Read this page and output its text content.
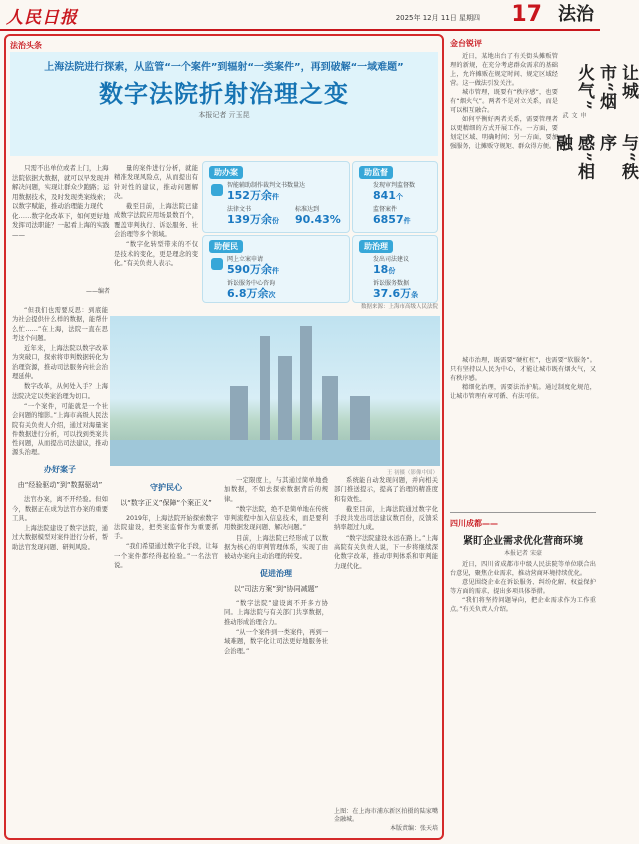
人民日报	2025年 12月 11日 星期四 17 法治
法治头条
上海法院进行探索，从监管“一个案件”到辐射“一类案件”，再到破解“一域难题”
数字法院折射治理之变
本报记者 亓玉昆
只需不出单位或者上门，上海法院依据大数据，就可以早发现并解决问题，实现让群众少跑路；运用数据技术，及时发现类案线索；以数字赋能，推动治理能力现代化……数字化改革下，如何更好地发挥司法职能？一起看上海的实践——
——编者

“但我们也需要反思：到底能为社会提供什么样的数据，能帮什么忙……”在上海，法院一直在思考这个问题。

近年来，上海法院以数字改革为突破口，探索将审判数据转化为治理资源，推动司法服务向社会治理延伸。

数字改革，从何处入手？上海法院决定以类案治理为切口。

“一个案件，可能就是一个社会问题的缩影。”上海市高级人民法院有关负责人介绍，通过对海量案件数据进行分析，可以找到类案共性问题，从而提出司法建议，推动源头治理。

办好案子
由“经验驱动”到“数据驱动”

法官办案，离不开经验。但如今，数据正在成为法官办案的重要工具。

上海法院建设了数字法院，通过大数据模型对案件进行分析，帮助法官发现问题、研判风险。

量的案件进行分析，就能精准发现风险点，从而提出有针对性的建议，推动问题解决。

截至目前，上海法院已建成数字法院应用场景数百个，覆盖审判执行、诉讼服务、社会治理等多个领域。

“数字化转型带来的不仅是技术的变化，更是理念的变化。”有关负责人表示。

助办案
智能辅助制作裁判文书数量达
152万余件
法律文书
139万余份
标准达到
90.43%
助监督
发现审判监督数
841个
监督案件
6857件
助便民
网上立案申请
590万余件
诉讼服务中心咨询
6.8万余次
助治理
发出司法建议
18份
诉讼服务数据
37.6万条
数据来源：上海市高级人民法院
王 初摄（影像中国）
守护民心
以“数字正义”保障“个案正义”

2019年，上海法院开始探索数字法院建设，把类案监督作为重要抓手。

“我们希望通过数字化手段，让每一个案件都经得起检验。”一名法官说。

一定限度上，与其通过简单地叠加数据，不如去探索数据背后的规律。

“数字法院，绝不是简单地在传统审判流程中加入信息技术，而是要利用数据发现问题、解决问题。”

目前，上海法院已经形成了以数据为核心的审判管理体系，实现了由被动办案向主动治理的转变。

促进治理
以“司法方案”到“协同减题”

“数字法院”建设离不开多方协同。上海法院与有关部门共享数据，推动形成治理合力。

“从一个案件到一类案件，再到一域难题，数字化让司法更好地服务社会治理。”

系统能自动发现问题，并向相关部门推送提示，提高了治理的精准度和有效性。

截至目前，上海法院通过数字化手段共发出司法建议数百份，反馈采纳率超过九成。

“数字法院建设永远在路上。”上海高院有关负责人说，下一步将继续深化数字改革，推动审判体系和审判能力现代化。

上图：在上海市浦东新区拍摄的陆家嘴金融城。

本版责编：张天培

金台锐评

近日，某地出台了有关街头摊贩管理的新规，在充分考虑群众需求的基础上，允许摊贩在规定时间、规定区域经营。这一做法引发关注。

城市管理，既要有“秩序感”，也要有“烟火气”。两者不是对立关系，而是可以相互融合。

如何平衡好两者关系，需要管理者以更精细的方式开展工作。一方面，要划定区域、明确时间；另一方面，要加强服务，让摊贩守规矩、群众得方便。

让城市“烟火气”
与“秩序感”相融
申文武

城市治理，既需要“硬杠杠”，也需要“软服务”。只有坚持以人民为中心，才能让城市既有烟火气，又有秩序感。

精细化治理，需要法治护航。通过制度化规范，让城市管理有章可循、有法可依。

四川成都——
紧盯企业需求优化营商环境
本报记者 宋豪

近日，四川省成都市中级人民法院等单位联合出台意见，聚焦企业需求，推动营商环境持续优化。

意见围绕企业在诉讼服务、纠纷化解、权益保护等方面的需求，提出多项具体举措。

“我们将坚持问题导向，把企业需求作为工作重点。”有关负责人介绍。
